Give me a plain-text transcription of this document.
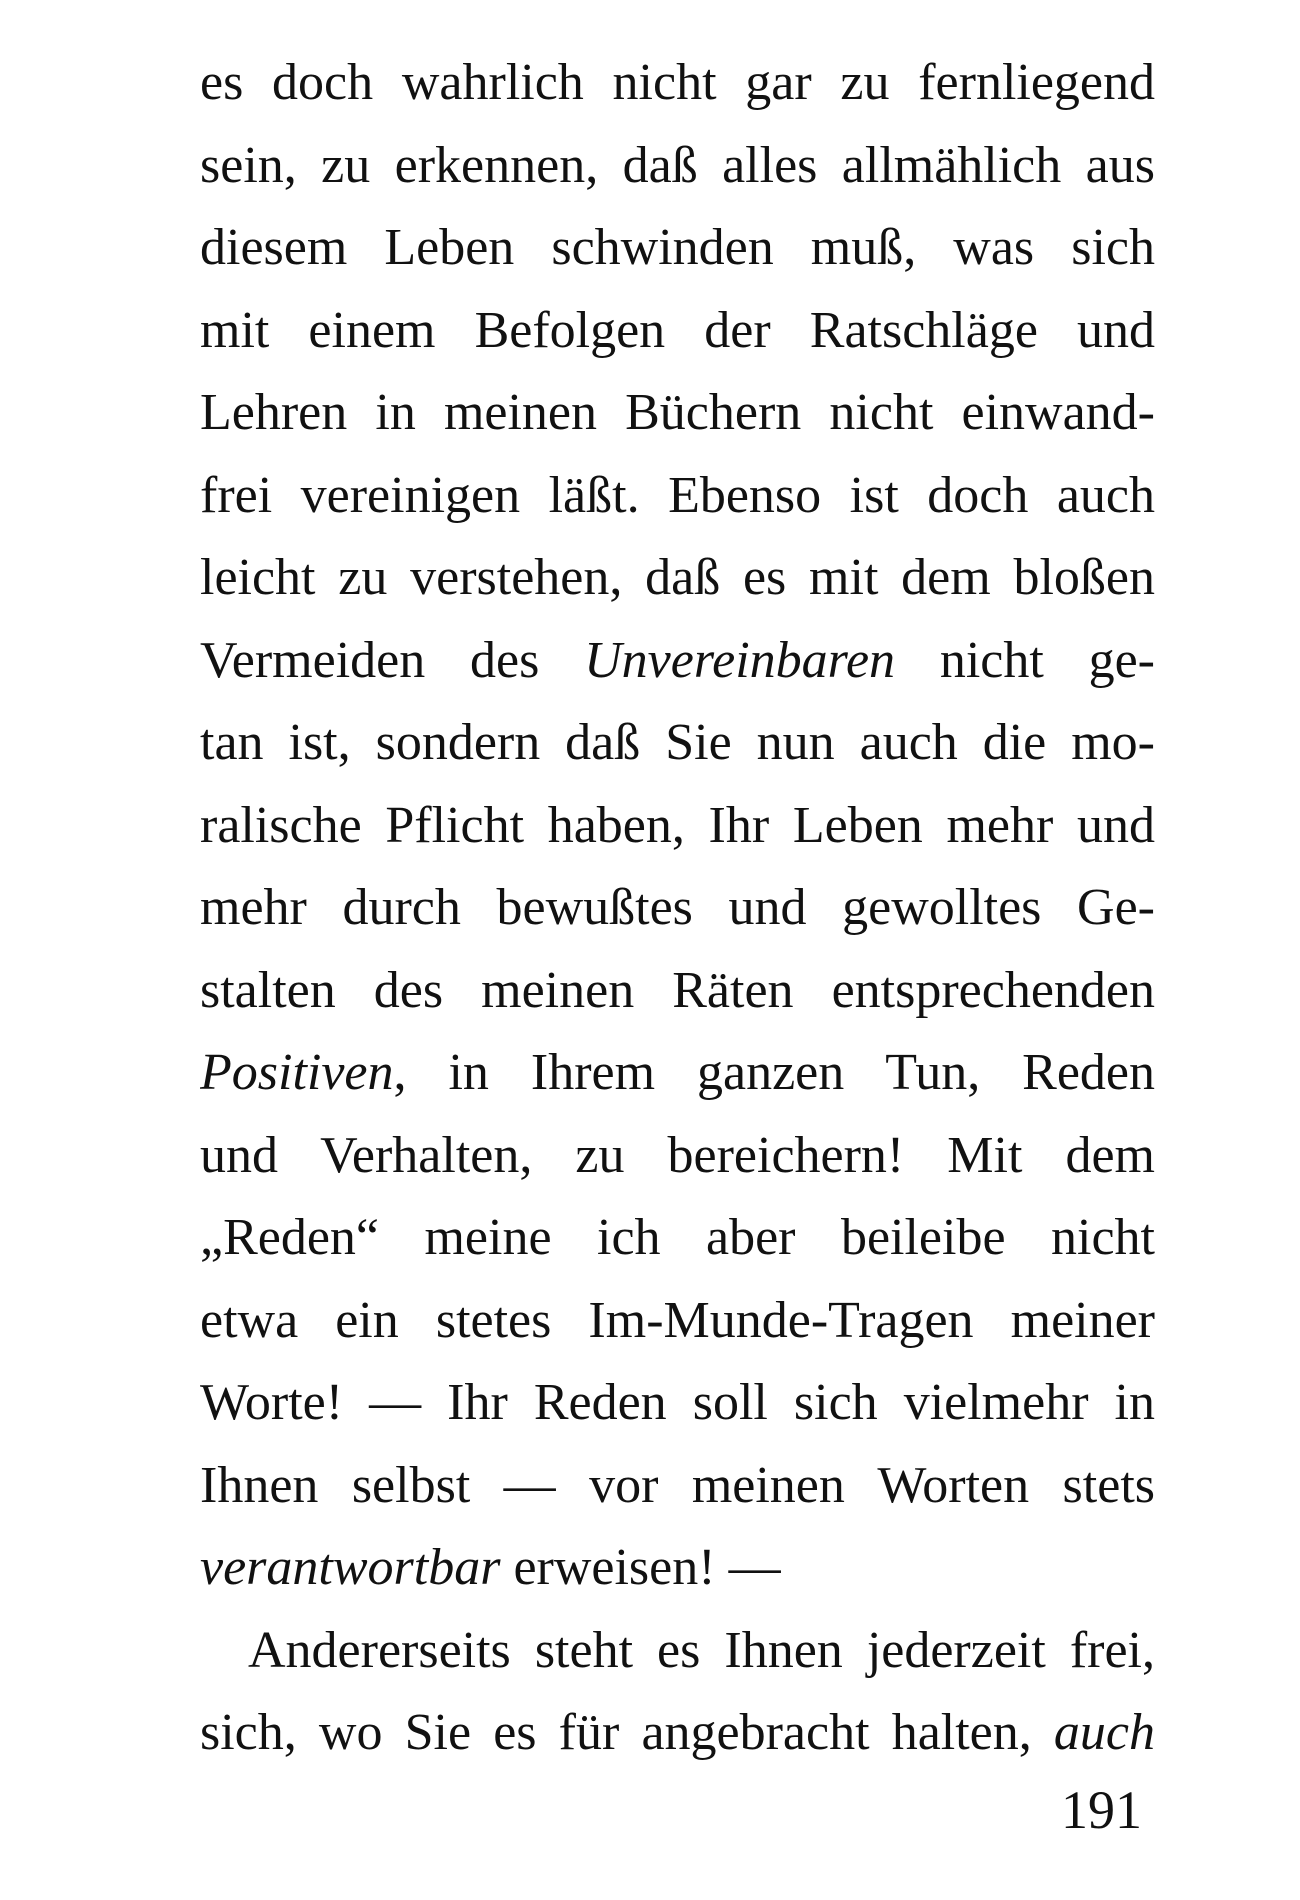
es doch wahrlich nicht gar zu fernliegend
sein, zu erkennen, daß alles allmählich aus
diesem Leben schwinden muß, was sich
mit einem Befolgen der Ratschläge und
Lehren in meinen Büchern nicht einwand-
frei vereinigen läßt. Ebenso ist doch auch
leicht zu verstehen, daß es mit dem bloßen
Vermeiden des Unvereinbaren nicht ge-
tan ist, sondern daß Sie nun auch die mo-
ralische Pflicht haben, Ihr Leben mehr und
mehr durch bewußtes und gewolltes Ge-
stalten des meinen Räten entsprechenden
Positiven, in Ihrem ganzen Tun, Reden
und Verhalten, zu bereichern! Mit dem
„Reden“ meine ich aber beileibe nicht
etwa ein stetes Im-Munde-Tragen meiner
Worte! — Ihr Reden soll sich vielmehr in
Ihnen selbst — vor meinen Worten stets
verantwortbar erweisen! —
Andererseits steht es Ihnen jederzeit frei,
sich, wo Sie es für angebracht halten, auch
191
